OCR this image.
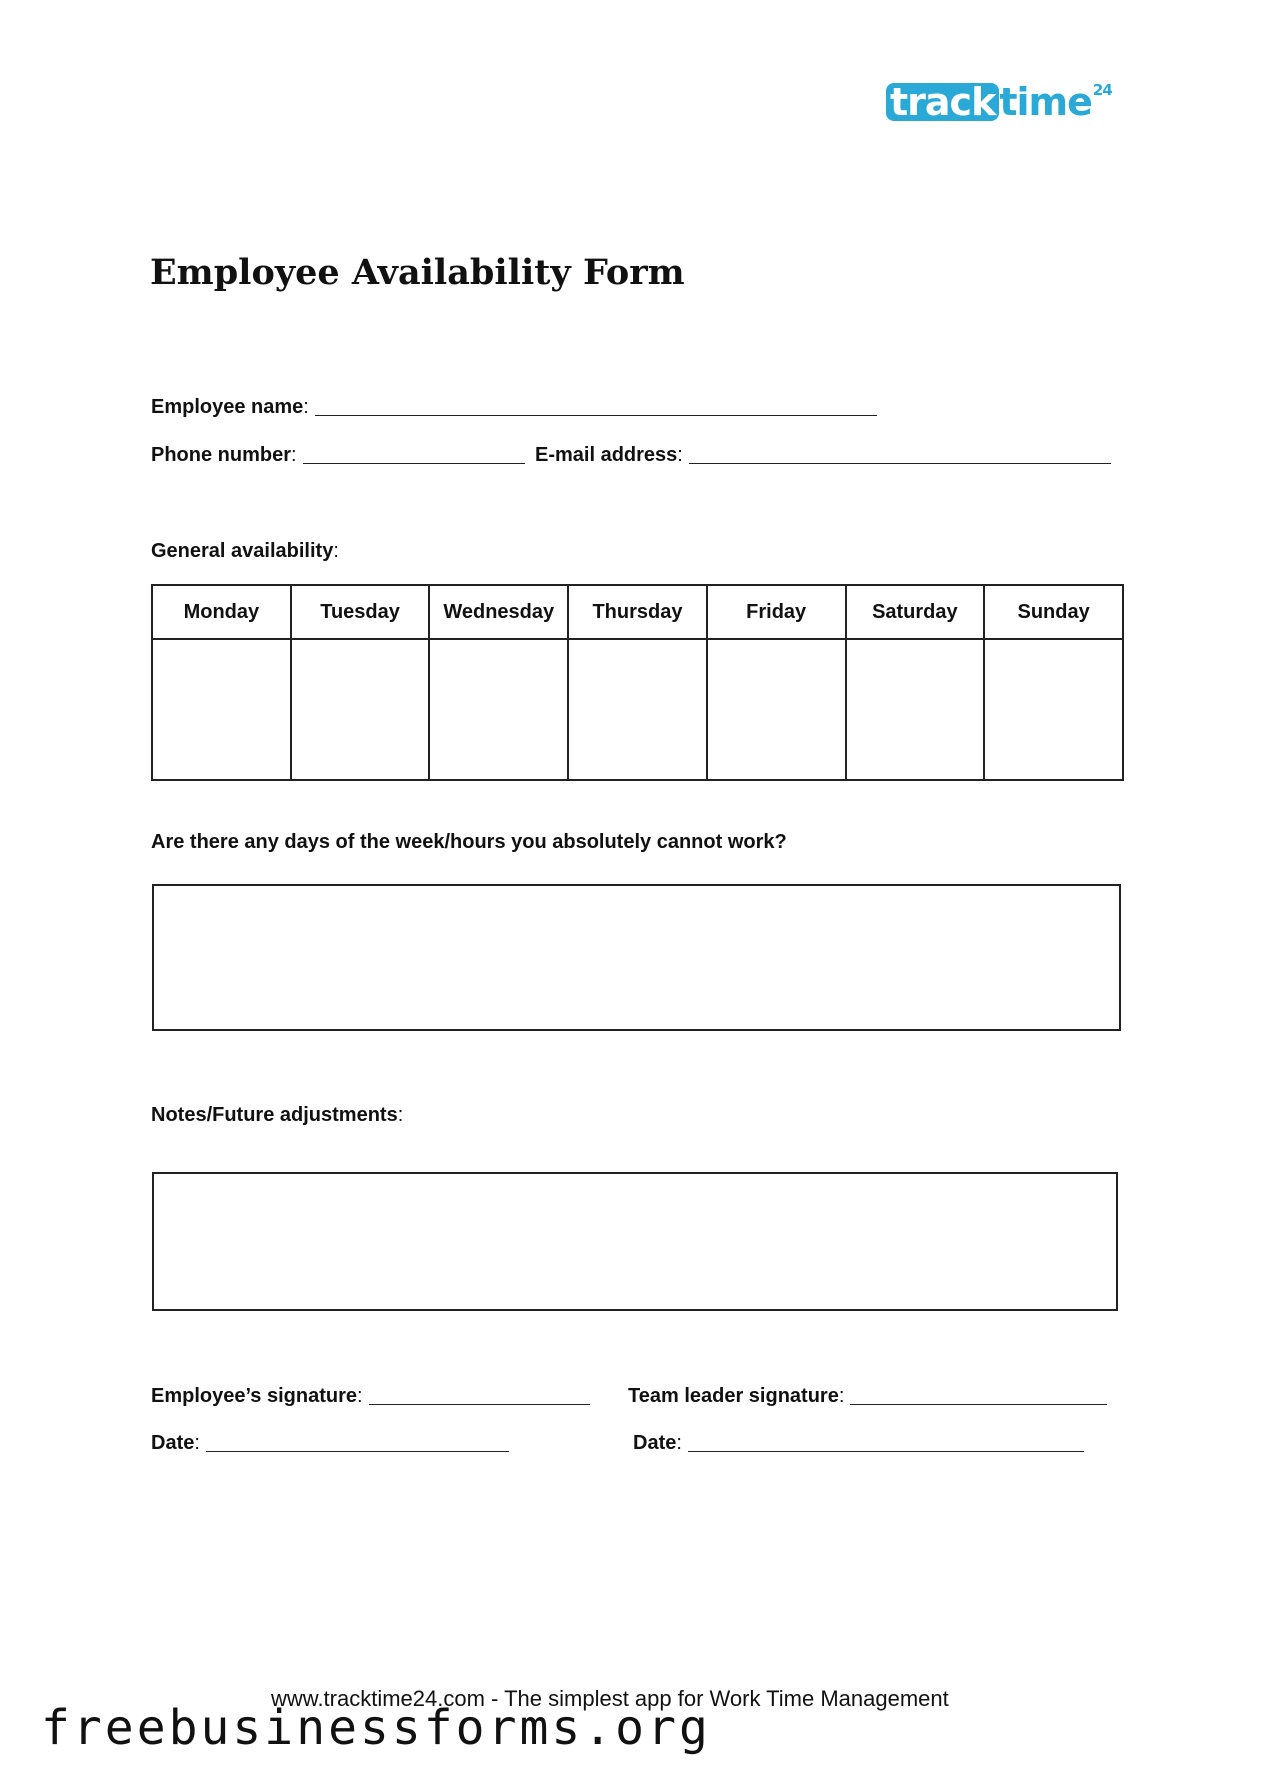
track time$^{24}$
Employee Availability Form
Employee name :
Phone number :	E-mail address :
General availability :
Monday	Tuesday	Wednesday	Thursday	Friday	Saturday	Sunday

Are there any days of the week/hours you absolutely cannot work?
Notes/Future adjustments :
Employee’s signature :	Team leader signature :
Date :	Date :
www.tracktime24.com - The simplest app for Work Time Management
freebusinessforms.org
